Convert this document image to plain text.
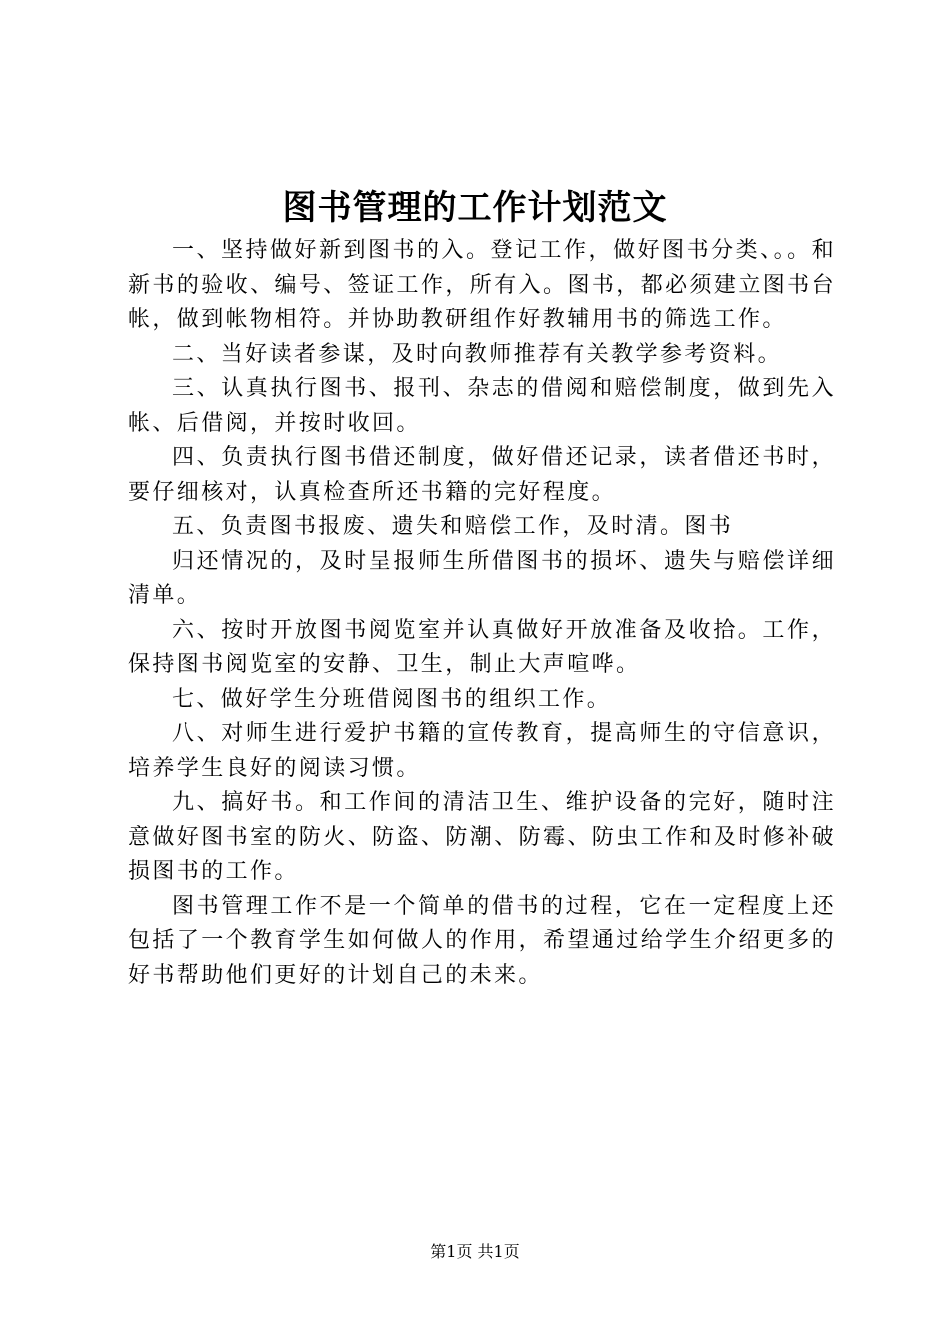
图书管理的工作计划范文

一、坚持做好新到图书的入。登记工作，做好图书分类、。。和新书的验收、编号、签证工作，所有入。图书，都必须建立图书台帐，做到帐物相符。并协助教研组作好教辅用书的筛选工作。

二、当好读者参谋，及时向教师推荐有关教学参考资料。

三、认真执行图书、报刊、杂志的借阅和赔偿制度，做到先入帐、后借阅，并按时收回。

四、负责执行图书借还制度，做好借还记录，读者借还书时，要仔细核对，认真检查所还书籍的完好程度。

五、负责图书报废、遗失和赔偿工作，及时清。图书

归还情况的，及时呈报师生所借图书的损坏、遗失与赔偿详细清单。

六、按时开放图书阅览室并认真做好开放准备及收拾。工作，保持图书阅览室的安静、卫生，制止大声喧哗。

七、做好学生分班借阅图书的组织工作。

八、对师生进行爱护书籍的宣传教育，提高师生的守信意识，培养学生良好的阅读习惯。

九、搞好书。和工作间的清洁卫生、维护设备的完好，随时注意做好图书室的防火、防盗、防潮、防霉、防虫工作和及时修补破损图书的工作。

图书管理工作不是一个简单的借书的过程，它在一定程度上还包括了一个教育学生如何做人的作用，希望通过给学生介绍更多的好书帮助他们更好的计划自己的未来。

第1页 共1页
